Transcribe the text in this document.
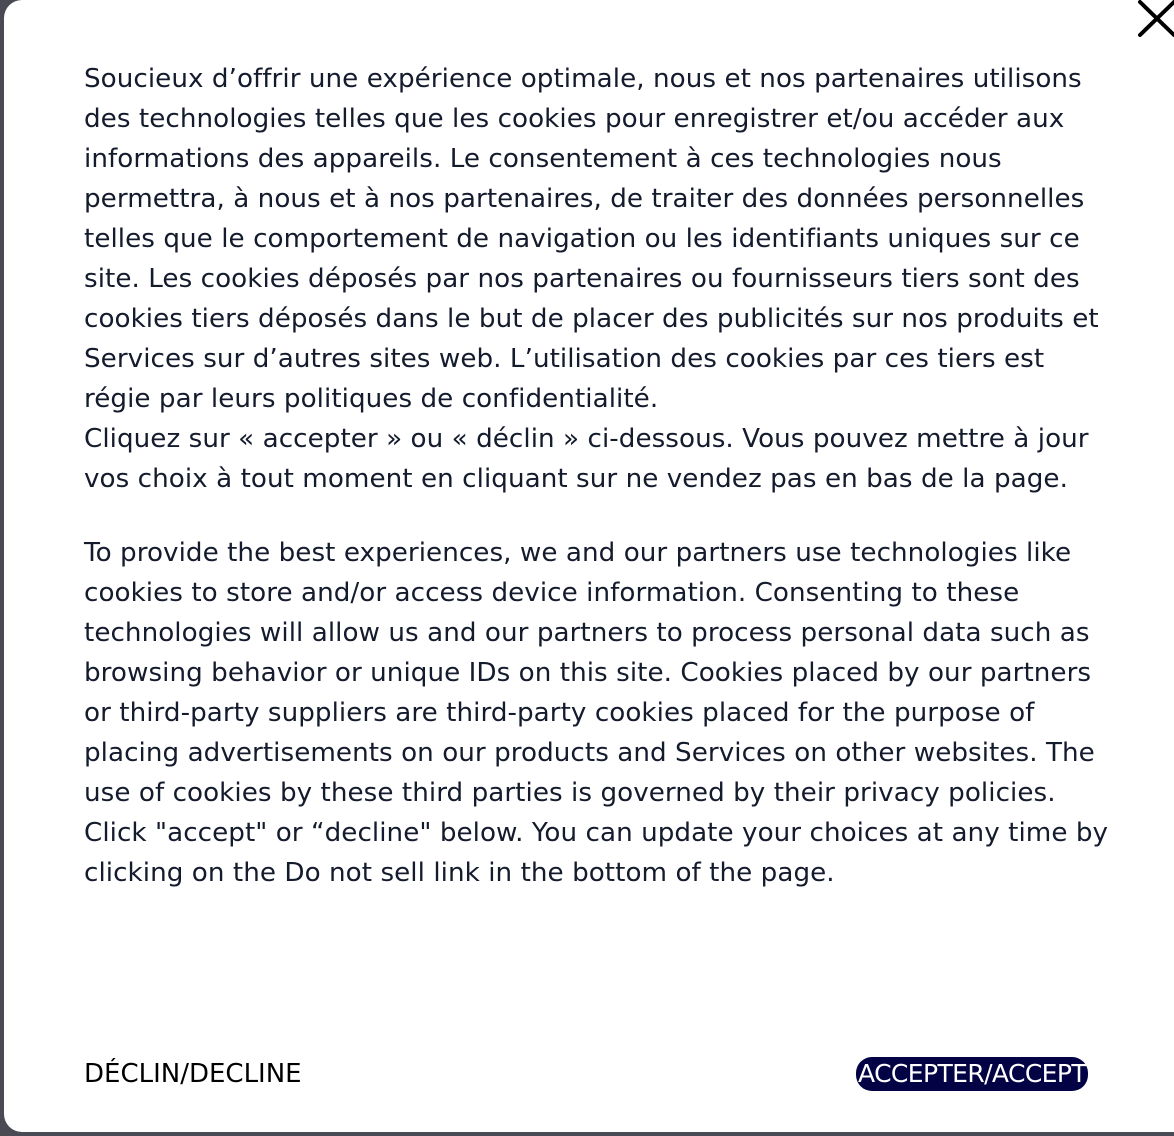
Soucieux d’offrir une expérience optimale, nous et nos partenaires utilisons des technologies telles que les cookies pour enregistrer et/ou accéder aux informations des appareils. Le consentement à ces technologies nous permettra, à nous et à nos partenaires, de traiter des données personnelles telles que le comportement de navigation ou les identifiants uniques sur ce site. Les cookies déposés par nos partenaires ou fournisseurs tiers sont des cookies tiers déposés dans le but de placer des publicités sur nos produits et Services sur d’autres sites web. L’utilisation des cookies par ces tiers est régie par leurs politiques de confidentialité.

Cliquez sur « accepter » ou « déclin » ci-dessous. Vous pouvez mettre à jour vos choix à tout moment en cliquant sur ne vendez pas en bas de la page.

To provide the best experiences, we and our partners use technologies like cookies to store and/or access device information. Consenting to these technologies will allow us and our partners to process personal data such as browsing behavior or unique IDs on this site. Cookies placed by our partners or third-party suppliers are third-party cookies placed for the purpose of placing advertisements on our products and Services on other websites. The use of cookies by these third parties is governed by their privacy policies.

Click "accept" or “decline" below. You can update your choices at any time by clicking on the Do not sell link in the bottom of the page.

DÉCLIN/DECLINE	ACCEPTER/ACCEPT
